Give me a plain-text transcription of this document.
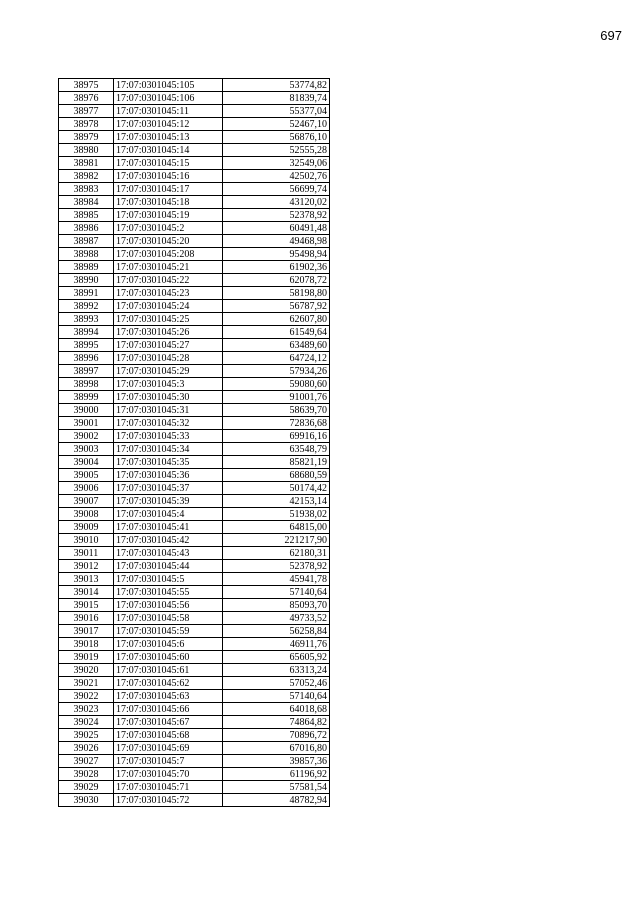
697
38975	17:07:0301045:105	53774,82
38976	17:07:0301045:106	81839,74
38977	17:07:0301045:11	55377,04
38978	17:07:0301045:12	52467,10
38979	17:07:0301045:13	56876,10
38980	17:07:0301045:14	52555,28
38981	17:07:0301045:15	32549,06
38982	17:07:0301045:16	42502,76
38983	17:07:0301045:17	56699,74
38984	17:07:0301045:18	43120,02
38985	17:07:0301045:19	52378,92
38986	17:07:0301045:2	60491,48
38987	17:07:0301045:20	49468,98
38988	17:07:0301045:208	95498,94
38989	17:07:0301045:21	61902,36
38990	17:07:0301045:22	62078,72
38991	17:07:0301045:23	58198,80
38992	17:07:0301045:24	56787,92
38993	17:07:0301045:25	62607,80
38994	17:07:0301045:26	61549,64
38995	17:07:0301045:27	63489,60
38996	17:07:0301045:28	64724,12
38997	17:07:0301045:29	57934,26
38998	17:07:0301045:3	59080,60
38999	17:07:0301045:30	91001,76
39000	17:07:0301045:31	58639,70
39001	17:07:0301045:32	72836,68
39002	17:07:0301045:33	69916,16
39003	17:07:0301045:34	63548,79
39004	17:07:0301045:35	85821,19
39005	17:07:0301045:36	68680,59
39006	17:07:0301045:37	50174,42
39007	17:07:0301045:39	42153,14
39008	17:07:0301045:4	51938,02
39009	17:07:0301045:41	64815,00
39010	17:07:0301045:42	221217,90
39011	17:07:0301045:43	62180,31
39012	17:07:0301045:44	52378,92
39013	17:07:0301045:5	45941,78
39014	17:07:0301045:55	57140,64
39015	17:07:0301045:56	85093,70
39016	17:07:0301045:58	49733,52
39017	17:07:0301045:59	56258,84
39018	17:07:0301045:6	46911,76
39019	17:07:0301045:60	65605,92
39020	17:07:0301045:61	63313,24
39021	17:07:0301045:62	57052,46
39022	17:07:0301045:63	57140,64
39023	17:07:0301045:66	64018,68
39024	17:07:0301045:67	74864,82
39025	17:07:0301045:68	70896,72
39026	17:07:0301045:69	67016,80
39027	17:07:0301045:7	39857,36
39028	17:07:0301045:70	61196,92
39029	17:07:0301045:71	57581,54
39030	17:07:0301045:72	48782,94
